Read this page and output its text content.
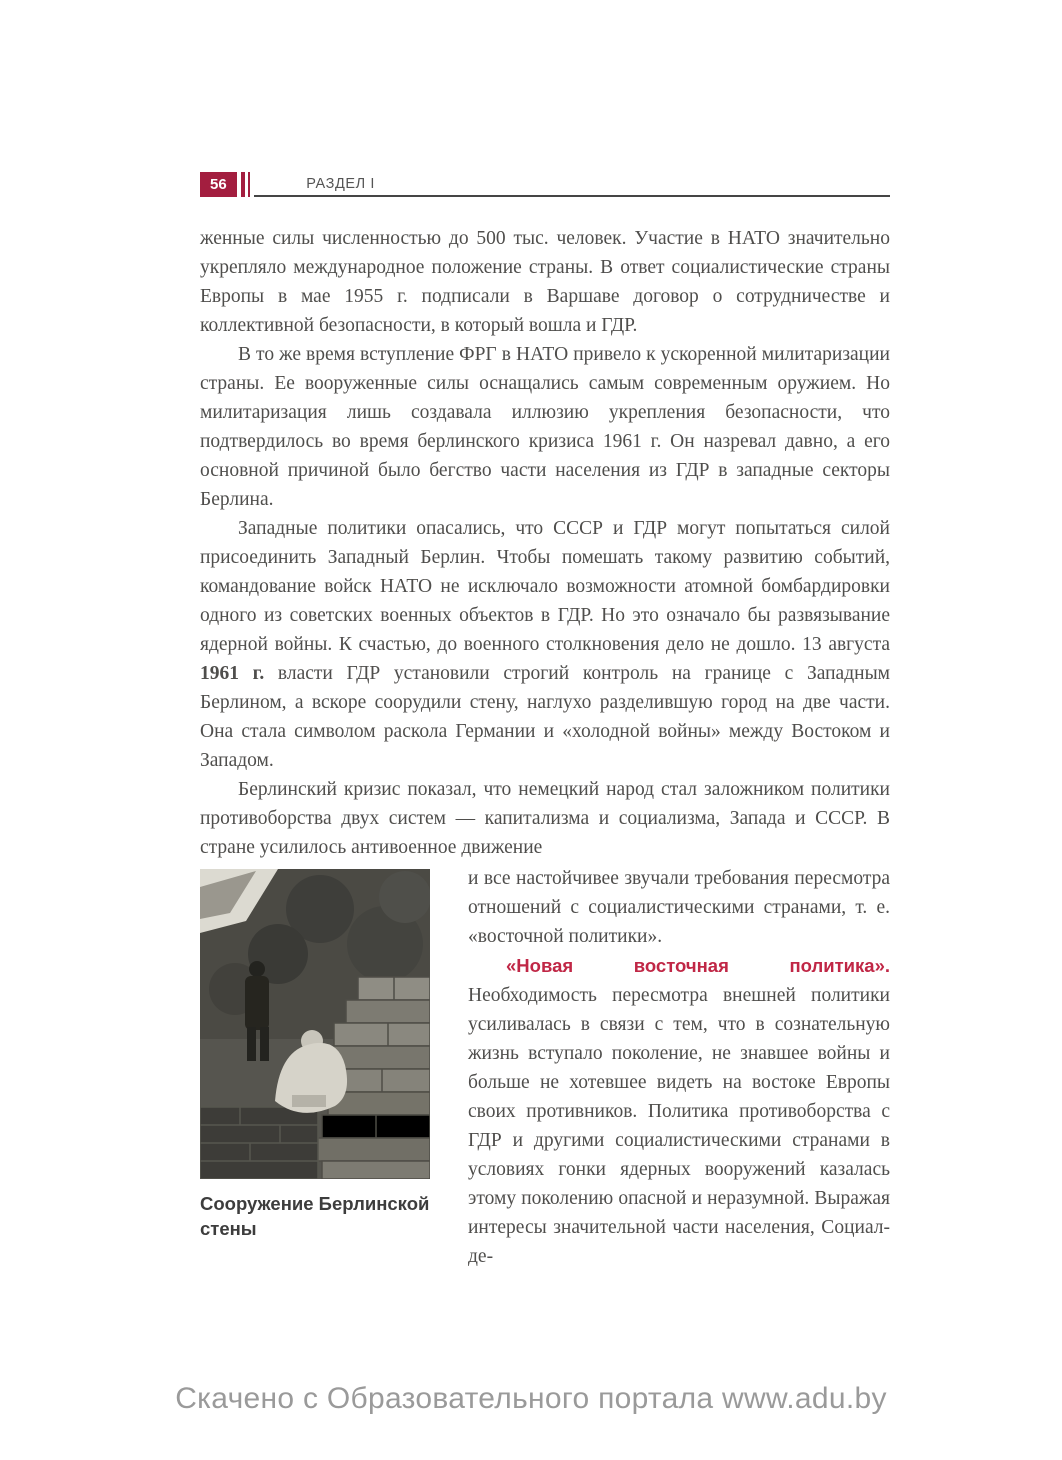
56	РАЗДЕЛ I

женные силы численностью до 500 тыс. человек. Участие в НАТО значительно укрепляло международное положение страны. В ответ социалистические страны Европы в мае 1955 г. подписали в Варшаве договор о сотрудничестве и коллективной безопасности, в который вошла и ГДР.

В то же время вступление ФРГ в НАТО привело к ускоренной милитаризации страны. Ее вооруженные силы оснащались самым современным оружием. Но милитаризация лишь создавала иллюзию укрепления безопасности, что подтвердилось во время берлинского кризиса 1961 г. Он назревал давно, а его основной причиной было бегство части населения из ГДР в западные секторы Берлина.

Западные политики опасались, что СССР и ГДР могут попытаться силой присоединить Западный Берлин. Чтобы помешать такому развитию событий, командование войск НАТО не исключало возможности атомной бомбардировки одного из советских военных объектов в ГДР. Но это означало бы развязывание ядерной войны. К счастью, до военного столкновения дело не дошло. 13 августа 1961 г. власти ГДР установили строгий контроль на границе с Западным Берлином, а вскоре соорудили стену, наглухо разделившую город на две части. Она стала символом раскола Германии и «холодной войны» между Востоком и Западом.

Берлинский кризис показал, что немецкий народ стал заложником политики противоборства двух систем — капитализма и социализма, Запада и СССР. В стране усилилось антивоенное движение

Сооружение Берлинской стены

и все настойчивее звучали требования пересмотра отношений с социалистическими странами, т. е. «восточной политики».

«Новая восточная политика». Необходимость пересмотра внешней политики усиливалась в связи с тем, что в сознательную жизнь вступало поколение, не знавшее войны и больше не хотевшее видеть на востоке Европы своих противников. Политика противоборства с ГДР и другими социалистическими странами в условиях гонки ядерных вооружений казалась этому поколению опасной и неразумной. Выражая интересы значительной части населения, Социал-де-

Скачено с Образовательного портала www.adu.by
